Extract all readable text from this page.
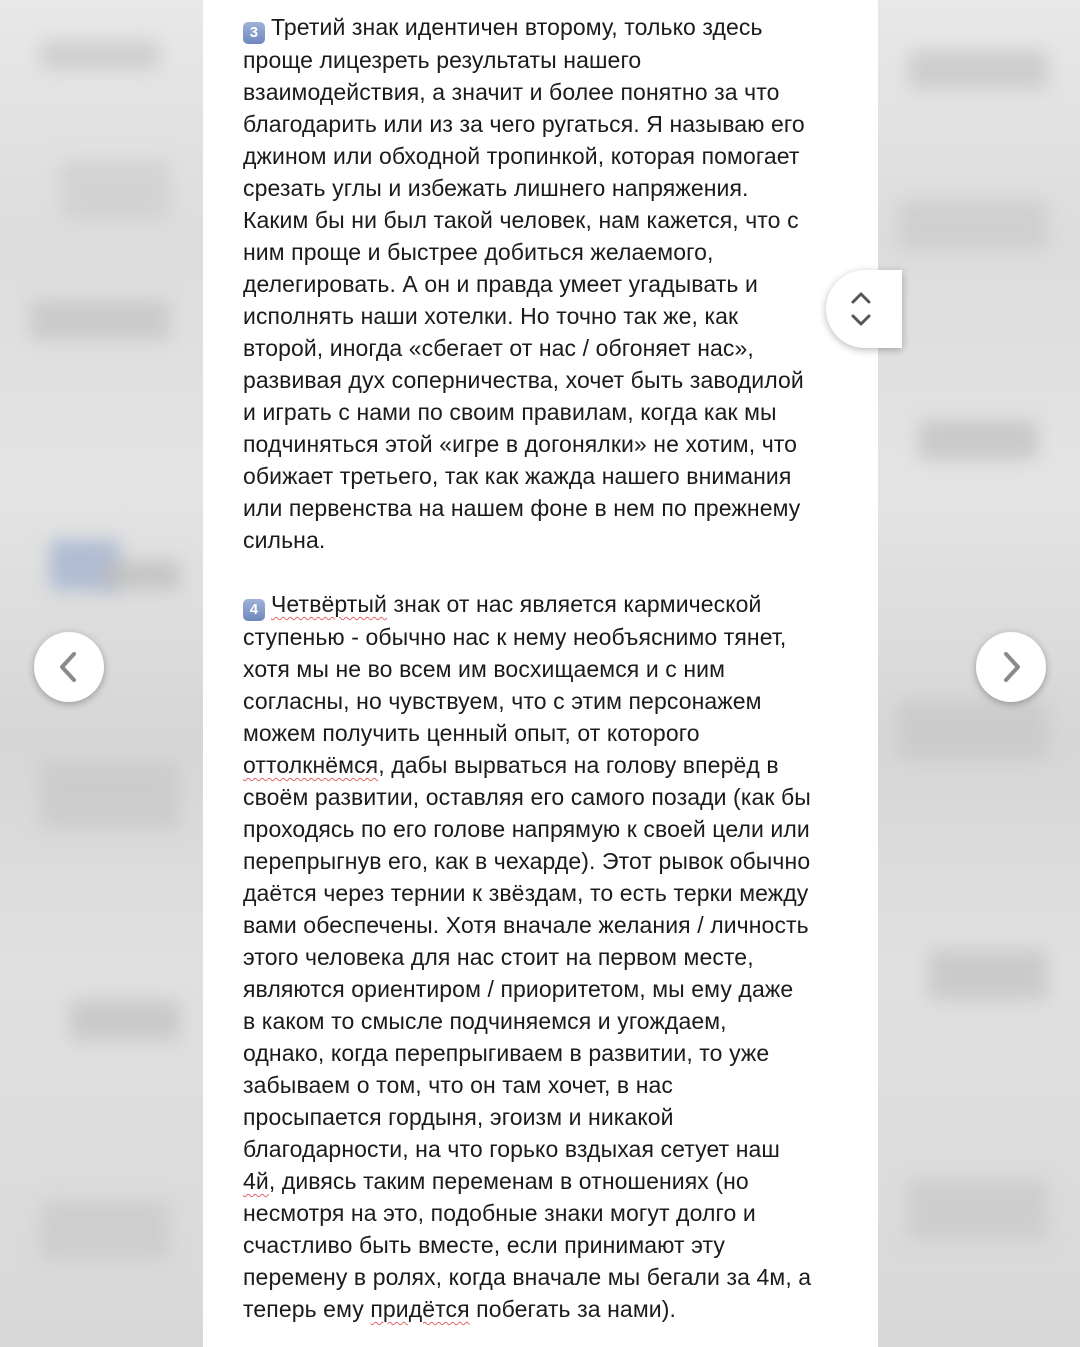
3 Третий знак идентичен второму, только здесь
проще лицезреть результаты нашего
взаимодействия, а значит и более понятно за что
благодарить или из за чего ругаться. Я называю его
джином или обходной тропинкой, которая помогает
срезать углы и избежать лишнего напряжения.
Каким бы ни был такой человек, нам кажется, что с
ним проще и быстрее добиться желаемого,
делегировать. А он и правда умеет угадывать и
исполнять наши хотелки. Но точно так же, как
второй, иногда «сбегает от нас / обгоняет нас»,
развивая дух соперничества, хочет быть заводилой
и играть с нами по своим правилам, когда как мы
подчиняться этой «игре в догонялки» не хотим, что
обижает третьего, так как жажда нашего внимания
или первенства на нашем фоне в нем по прежнему
сильна.

4 Четвёртый знак от нас является кармической
ступенью - обычно нас к нему необъяснимо тянет,
хотя мы не во всем им восхищаемся и с ним
согласны, но чувствуем, что с этим персонажем
можем получить ценный опыт, от которого
оттолкнёмся, дабы вырваться на голову вперёд в
своём развитии, оставляя его самого позади (как бы
проходясь по его голове напрямую к своей цели или
перепрыгнув его, как в чехарде). Этот рывок обычно
даётся через тернии к звёздам, то есть терки между
вами обеспечены. Хотя вначале желания / личность
этого человека для нас стоит на первом месте,
являются ориентиром / приоритетом, мы ему даже
в каком то смысле подчиняемся и угождаем,
однако, когда перепрыгиваем в развитии, то уже
забываем о том, что он там хочет, в нас
просыпается гордыня, эгоизм и никакой
благодарности, на что горько вздыхая сетует наш
4й, дивясь таким переменам в отношениях (но
несмотря на это, подобные знаки могут долго и
счастливо быть вместе, если принимают эту
перемену в ролях, когда вначале мы бегали за 4м, а
теперь ему придётся побегать за нами).
